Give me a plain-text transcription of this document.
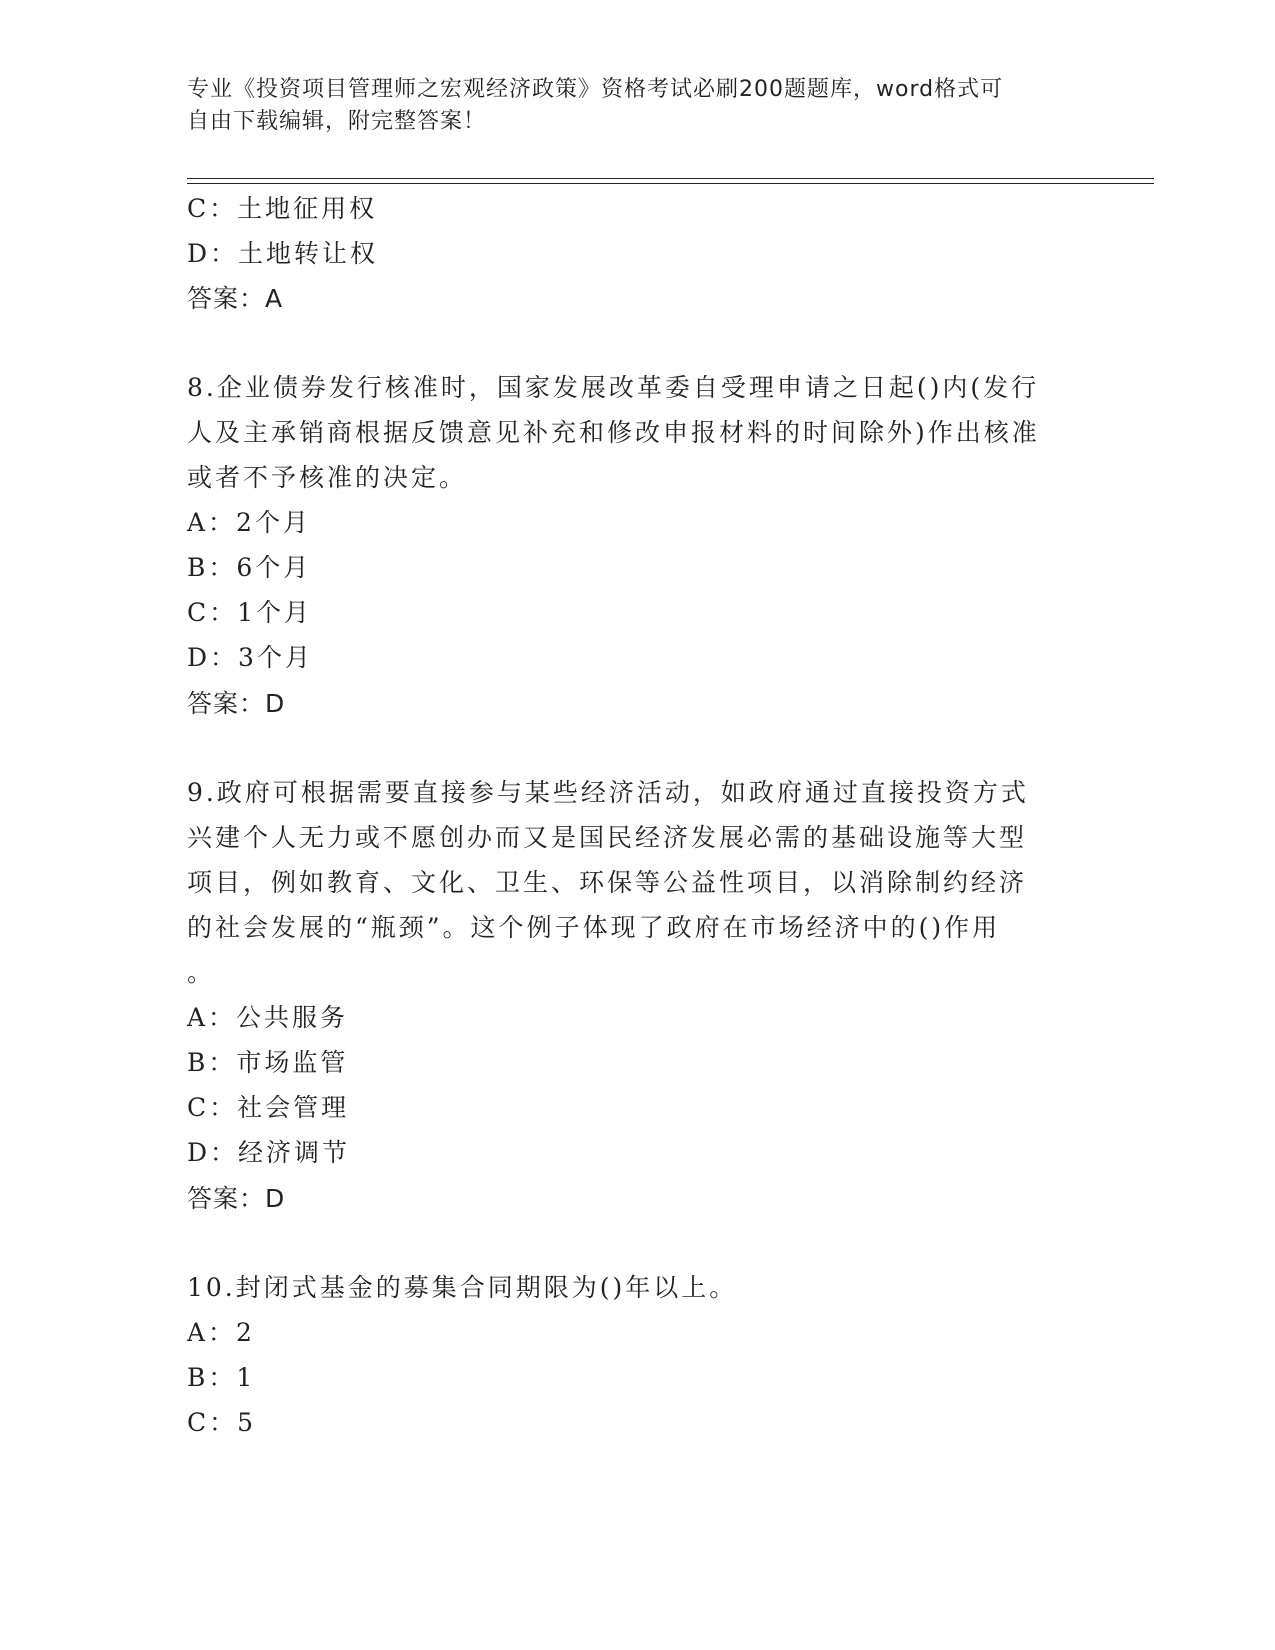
专业《投资项目管理师之宏观经济政策》资格考试必刷200题题库，word格式可
自由下载编辑，附完整答案！
C：土地征用权
D：土地转让权
答案：A
8.企业债券发行核准时，国家发展改革委自受理申请之日起()内(发行
人及主承销商根据反馈意见补充和修改申报材料的时间除外)作出核准
或者不予核准的决定。
A：2个月
B：6个月
C：1个月
D：3个月
答案：D
9.政府可根据需要直接参与某些经济活动，如政府通过直接投资方式
兴建个人无力或不愿创办而又是国民经济发展必需的基础设施等大型
项目，例如教育、文化、卫生、环保等公益性项目，以消除制约经济
的社会发展的“瓶颈”。这个例子体现了政府在市场经济中的()作用
。
A：公共服务
B：市场监管
C：社会管理
D：经济调节
答案：D
10.封闭式基金的募集合同期限为()年以上。
A：2
B：1
C：5
